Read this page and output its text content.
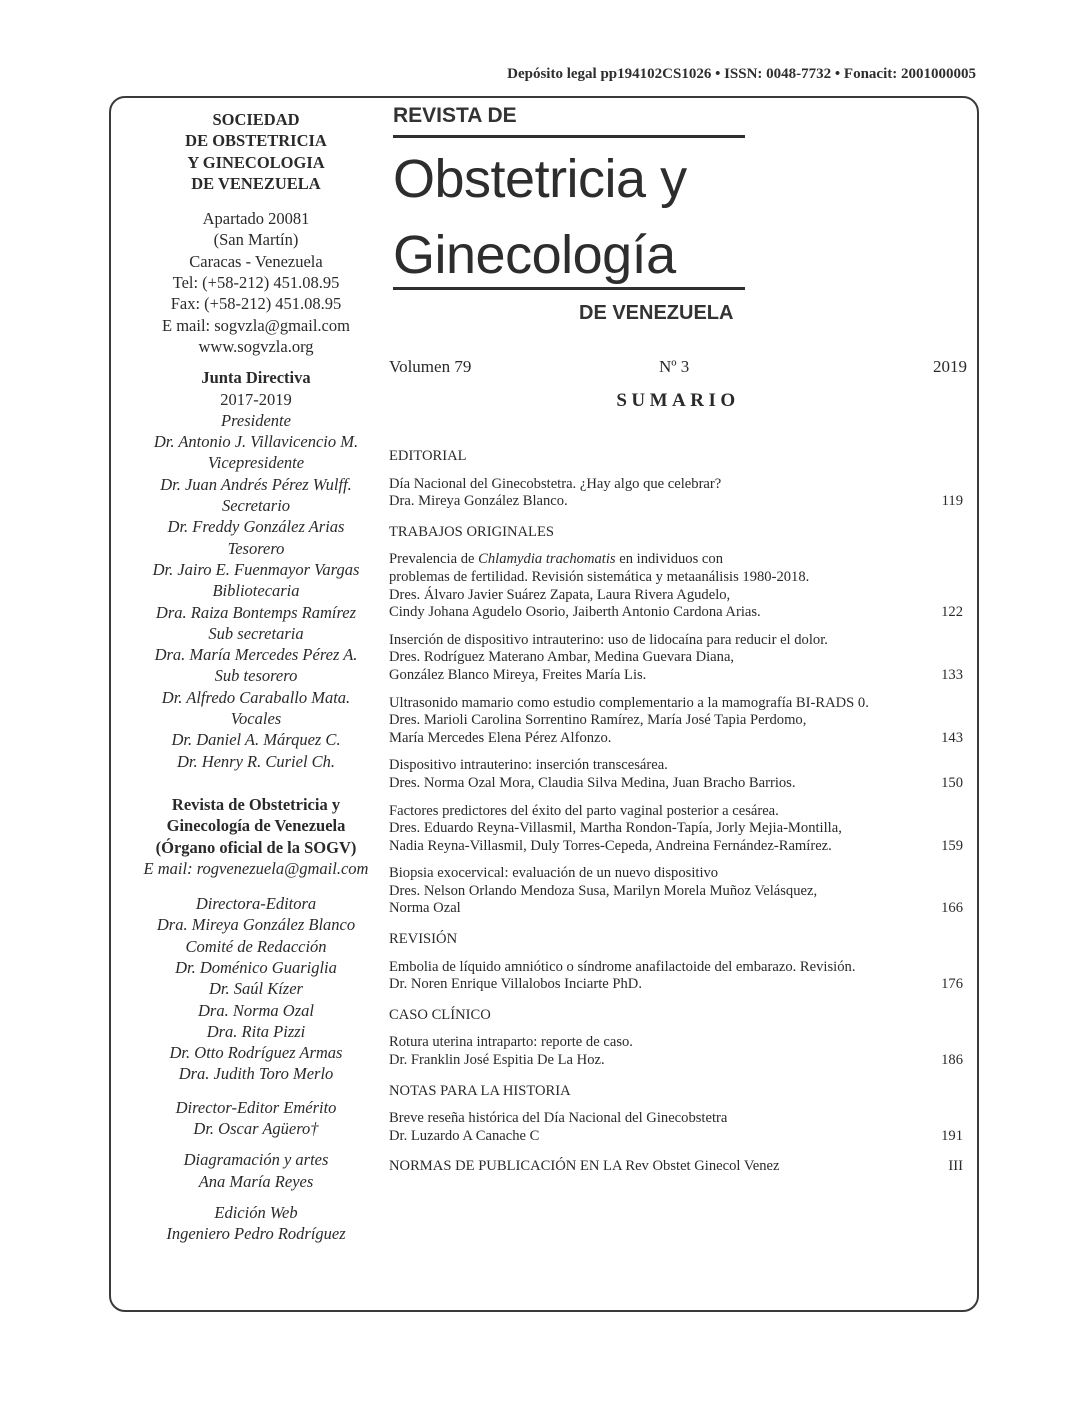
Depósito legal pp194102CS1026 • ISSN: 0048-7732 • Fonacit: 2001000005
SOCIEDAD
DE OBSTETRICIA
Y GINECOLOGIA
DE VENEZUELA
Apartado 20081
(San Martín)
Caracas - Venezuela
Tel: (+58-212) 451.08.95
Fax: (+58-212) 451.08.95
E mail: sogvzla@gmail.com
www.sogvzla.org
Junta Directiva
2017-2019
Presidente
Dr. Antonio J. Villavicencio M.
Vicepresidente
Dr. Juan Andrés Pérez Wulff.
Secretario
Dr. Freddy González Arias
Tesorero
Dr. Jairo E. Fuenmayor Vargas
Bibliotecaria
Dra. Raiza Bontemps Ramírez
Sub secretaria
Dra. María Mercedes Pérez A.
Sub tesorero
Dr. Alfredo Caraballo Mata.
Vocales
Dr. Daniel A. Márquez C.
Dr. Henry R. Curiel Ch.
Revista de Obstetricia y
Ginecología de Venezuela
(Órgano oficial de la SOGV)
E mail: rogvenezuela@gmail.com
Directora-Editora
Dra. Mireya González Blanco
Comité de Redacción
Dr. Doménico Guariglia
Dr. Saúl Kízer
Dra. Norma Ozal
Dra. Rita Pizzi
Dr. Otto Rodríguez Armas
Dra. Judith Toro Merlo
Director-Editor Emérito
Dr. Oscar Agüero†
Diagramación y artes
Ana María Reyes
Edición Web
Ingeniero Pedro Rodríguez
REVISTA DE
Obstetricia y
Ginecología
DE VENEZUELA
Volumen 79	Nº 3	2019
SUMARIO
EDITORIAL
Día Nacional del Ginecobstetra. ¿Hay algo que celebrar?
Dra. Mireya González Blanco.	119
TRABAJOS ORIGINALES
Prevalencia de Chlamydia trachomatis en individuos con
problemas de fertilidad. Revisión sistemática y metaanálisis 1980-2018.
Dres. Álvaro Javier Suárez Zapata, Laura Rivera Agudelo,
Cindy Johana Agudelo Osorio, Jaiberth Antonio Cardona Arias.	122
Inserción de dispositivo intrauterino: uso de lidocaína para reducir el dolor.
Dres. Rodríguez Materano Ambar, Medina Guevara Diana,
González Blanco Mireya, Freites María Lis.	133
Ultrasonido mamario como estudio complementario a la mamografía BI-RADS 0.
Dres. Marioli Carolina Sorrentino Ramírez, María José Tapia Perdomo,
María Mercedes Elena Pérez Alfonzo.	143
Dispositivo intrauterino: inserción transcesárea.
Dres. Norma Ozal Mora, Claudia Silva Medina, Juan Bracho Barrios.	150
Factores predictores del éxito del parto vaginal posterior a cesárea.
Dres. Eduardo Reyna-Villasmil, Martha Rondon-Tapía, Jorly Mejia-Montilla,
Nadia Reyna-Villasmil, Duly Torres-Cepeda, Andreina Fernández-Ramírez.	159
Biopsia exocervical: evaluación de un nuevo dispositivo
Dres. Nelson Orlando Mendoza Susa, Marilyn Morela Muñoz Velásquez,
Norma Ozal	166
REVISIÓN
Embolia de líquido amniótico o síndrome anafilactoide del embarazo. Revisión.
Dr. Noren Enrique Villalobos Inciarte PhD.	176
CASO CLÍNICO
Rotura uterina intraparto: reporte de caso.
Dr. Franklin José Espitia De La Hoz.	186
NOTAS PARA LA HISTORIA
Breve reseña histórica del Día Nacional del Ginecobstetra
Dr. Luzardo A Canache C	191
NORMAS DE PUBLICACIÓN EN LA Rev Obstet Ginecol Venez	III
